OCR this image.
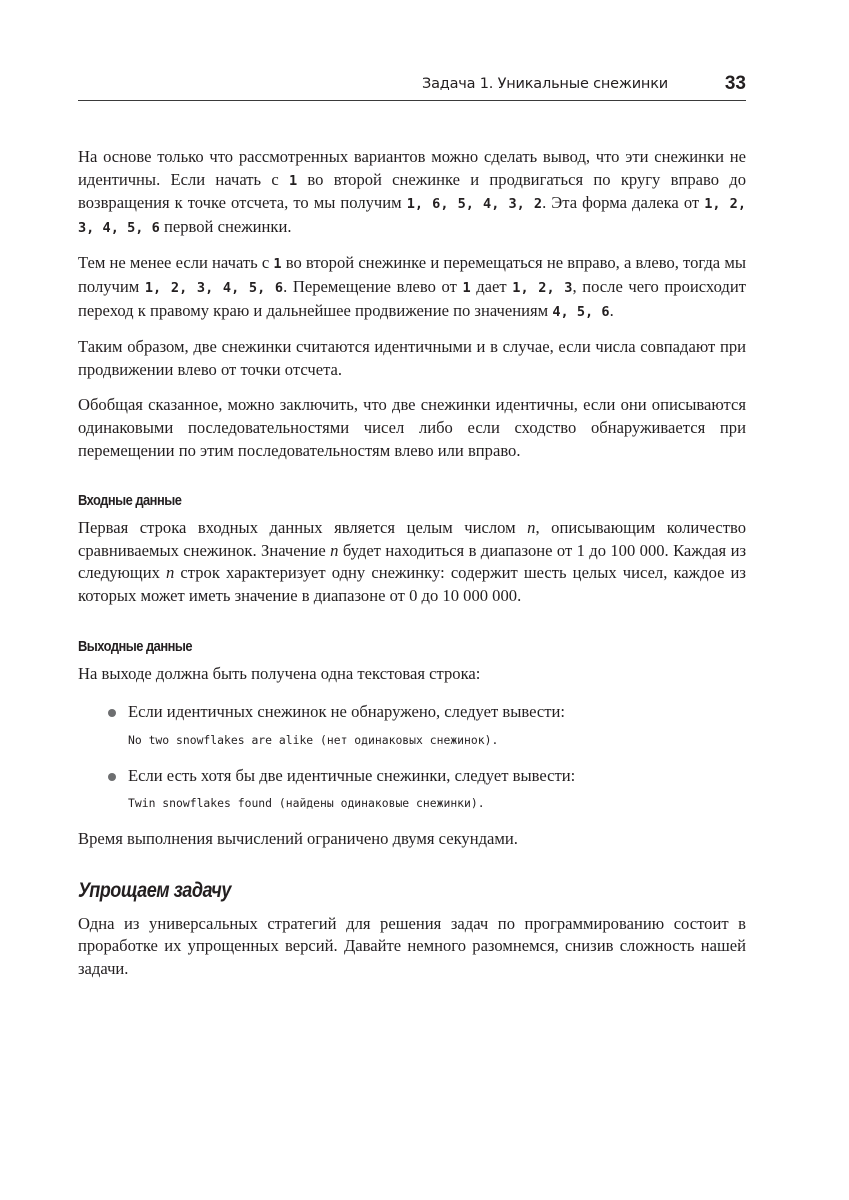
Задача 1. Уникальные снежинки	33

На основе только что рассмотренных вариантов можно сделать вывод, что эти снежинки не идентичны. Если начать с 1 во второй снежинке и продвигаться по кругу вправо до возвращения к точке отсчета, то мы получим 1, 6, 5, 4, 3, 2. Эта форма далека от 1, 2, 3, 4, 5, 6 первой снежинки.

Тем не менее если начать с 1 во второй снежинке и перемещаться не вправо, а влево, тогда мы получим 1, 2, 3, 4, 5, 6. Перемещение влево от 1 дает 1, 2, 3, после чего происходит переход к правому краю и дальнейшее продвижение по значениям 4, 5, 6.

Таким образом, две снежинки считаются идентичными и в случае, если числа совпадают при продвижении влево от точки отсчета.

Обобщая сказанное, можно заключить, что две снежинки идентичны, если они описываются одинаковыми последовательностями чисел либо если сходство обнаруживается при перемещении по этим последовательностям влево или вправо.

Входные данные

Первая строка входных данных является целым числом n, описывающим количество сравниваемых снежинок. Значение n будет находиться в диапазоне от 1 до 100 000. Каждая из следующих n строк характеризует одну снежинку: содержит шесть целых чисел, каждое из которых может иметь значение в диапазоне от 0 до 10 000 000.

Выходные данные

На выходе должна быть получена одна текстовая строка:

Если идентичных снежинок не обнаружено, следует вывести:
No two snowflakes are alike (нет одинаковых снежинок).
Если есть хотя бы две идентичные снежинки, следует вывести:
Twin snowflakes found (найдены одинаковые снежинки).

Время выполнения вычислений ограничено двумя секундами.

Упрощаем задачу

Одна из универсальных стратегий для решения задач по программированию состоит в проработке их упрощенных версий. Давайте немного разомнемся, снизив сложность нашей задачи.
